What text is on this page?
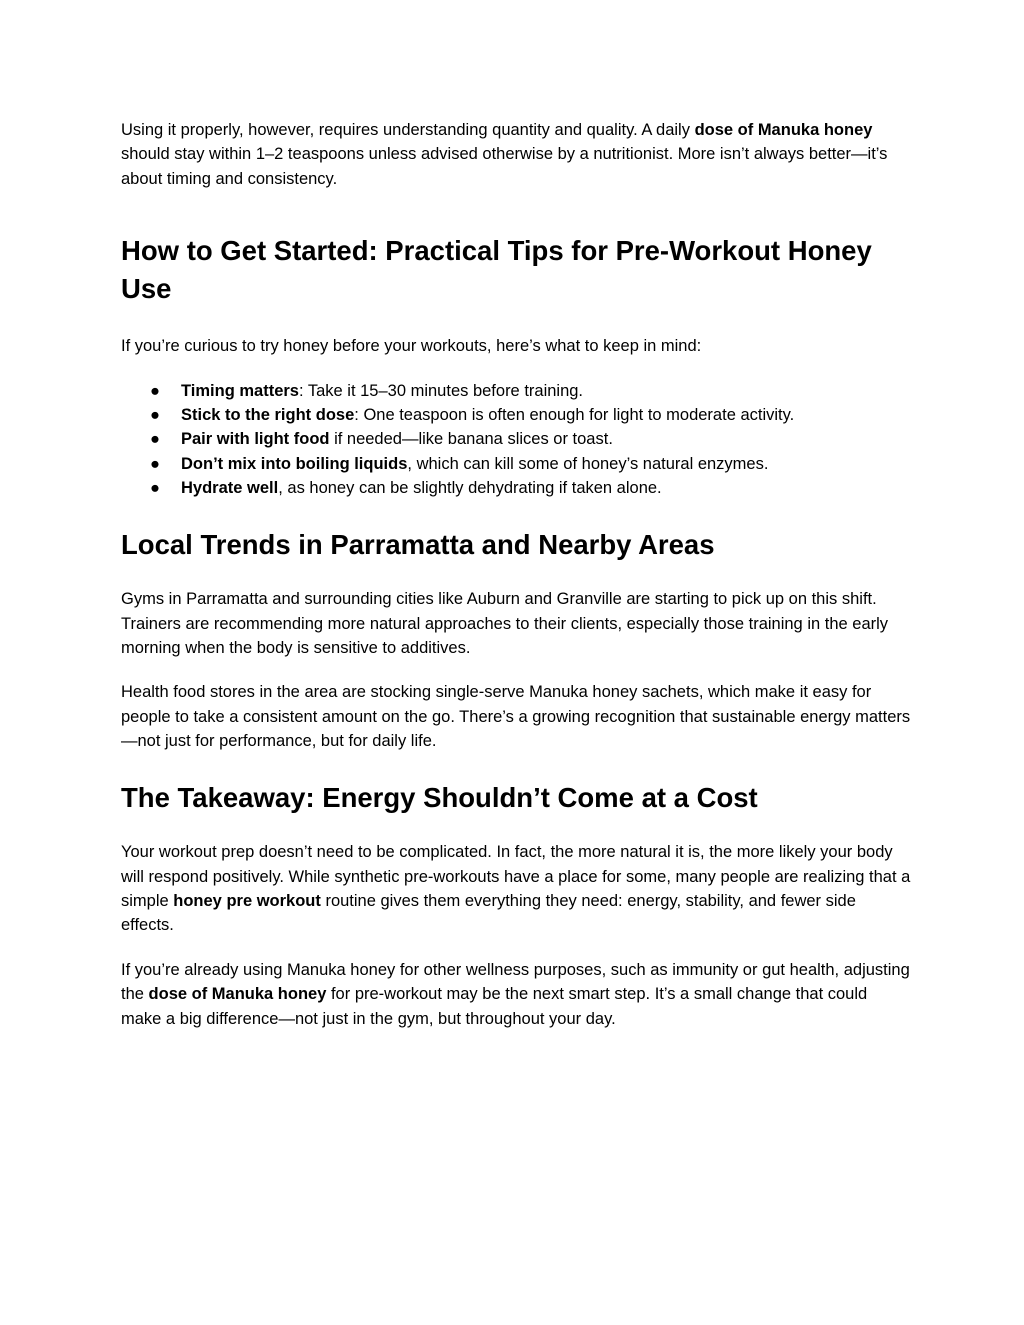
Using it properly, however, requires understanding quantity and quality. A daily dose of Manuka honey should stay within 1–2 teaspoons unless advised otherwise by a nutritionist. More isn’t always better—it’s about timing and consistency.

How to Get Started: Practical Tips for Pre-Workout Honey Use

If you’re curious to try honey before your workouts, here’s what to keep in mind:

● Timing matters: Take it 15–30 minutes before training.
● Stick to the right dose: One teaspoon is often enough for light to moderate activity.
● Pair with light food if needed—like banana slices or toast.
● Don’t mix into boiling liquids, which can kill some of honey’s natural enzymes.
● Hydrate well, as honey can be slightly dehydrating if taken alone.
Local Trends in Parramatta and Nearby Areas

Gyms in Parramatta and surrounding cities like Auburn and Granville are starting to pick up on this shift. Trainers are recommending more natural approaches to their clients, especially those training in the early morning when the body is sensitive to additives.

Health food stores in the area are stocking single-serve Manuka honey sachets, which make it easy for people to take a consistent amount on the go. There’s a growing recognition that sustainable energy matters—not just for performance, but for daily life.

The Takeaway: Energy Shouldn’t Come at a Cost

Your workout prep doesn’t need to be complicated. In fact, the more natural it is, the more likely your body will respond positively. While synthetic pre-workouts have a place for some, many people are realizing that a simple honey pre workout routine gives them everything they need: energy, stability, and fewer side effects.

If you’re already using Manuka honey for other wellness purposes, such as immunity or gut health, adjusting the dose of Manuka honey for pre-workout may be the next smart step. It’s a small change that could make a big difference—not just in the gym, but throughout your day.
